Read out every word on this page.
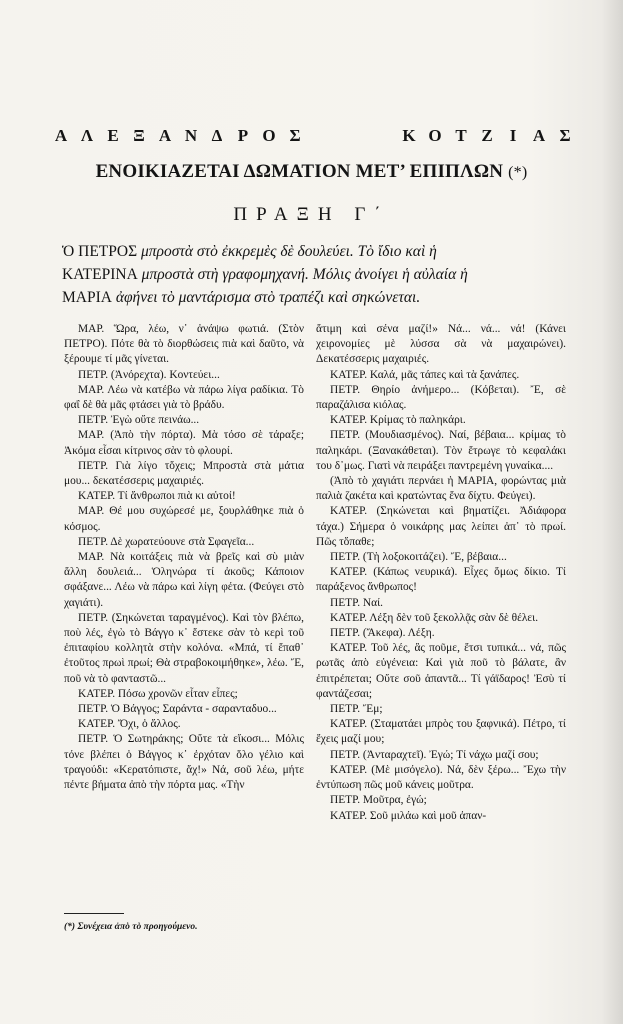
Α Λ Ε Ξ Α Ν Δ Ρ Ο Σ	Κ Ο Τ Ζ	Ι Α Σ
ΕΝΟΙΚΙΑΖΕΤΑΙ ΔΩΜΑΤΙΟΝ ΜΕΤ’ ΕΠΙΠΛΩΝ (*)
ΠΡΑΞΗ Γ΄
Ὁ ΠΕΤΡΟΣ μπροστὰ στὸ ἐκκρεμὲς δὲ δουλεύει. Τὸ ἴδιο καὶ ἡ
ΚΑΤΕΡΙΝΑ μπροστὰ στὴ γραφομηχανή. Μόλις ἀνοίγει ἡ αὐλαία ἡ
ΜΑΡΙΑ ἀφήνει τὸ μαντάρισμα στὸ τραπέζι καὶ σηκώνεται.

ΜΑΡ. Ὥρα, λέω, ν᾽ ἀνάψω φωτιά. (Στὸν ΠΕΤΡΟ). Πότε θὰ τὸ διορθώσεις πιὰ καὶ δαῦτο, νὰ ξέρουμε τί μᾶς γίνεται.

ΠΕΤΡ. (Ἀνόρεχτα). Κοντεύει...

ΜΑΡ. Λέω νὰ κατέβω νὰ πάρω λίγα ραδίκια. Τὸ φαΐ δὲ θὰ μᾶς φτάσει γιὰ τὸ βράδυ.

ΠΕΤΡ. Ἐγὼ οὔτε πεινάω...

ΜΑΡ. (Ἀπὸ τὴν πόρτα). Μὰ τόσο σὲ τάραξε; Ἀκόμα εἶσαι κίτρινος σὰν τὸ φλουρί.

ΠΕΤΡ. Γιὰ λίγο τὄχεις; Μπροστὰ στὰ μάτια μου... δεκατέσσερις μαχαιριές.

ΚΑΤΕΡ. Τί ἄνθρωποι πιὰ κι αὐτοί!

ΜΑΡ. Θέ μου συχώρεσέ με, ξουρλάθηκε πιὰ ὁ κόσμος.

ΠΕΤΡ. Δὲ χωρατεύουνε στὰ Σφαγεῖα...

ΜΑΡ. Νὰ κοιτάξεις πιὰ νὰ βρεῖς καὶ σὺ μιὰν ἄλλη δουλειά... Ὁληνώρα τί ἀκοῦς; Κάποιον σφάξανε... Λέω νὰ πάρω καὶ λίγη φέτα. (Φεύγει στὸ χαγιάτι).

ΠΕΤΡ. (Σηκώνεται ταραγμένος). Καὶ τὸν βλέπω, ποὺ λές, ἐγὼ τὸ Βάγγο κ᾽ ἔστεκε σὰν τὸ κερὶ τοῦ ἐπιταφίου κολλητὰ στὴν κολόνα. «Μπά, τί ἔπαθ᾽ ἐτοῦτος πρωὶ πρωί; Θὰ στραβοκοιμήθηκε», λέω. Ἔ, ποῦ νὰ τὸ φανταστῶ...

ΚΑΤΕΡ. Πόσω χρονῶν εἶταν εἶπες;

ΠΕΤΡ. Ὁ Βάγγος; Σαράντα - σαρανταδυο...

ΚΑΤΕΡ. Ὄχι, ὁ ἄλλος.

ΠΕΤΡ. Ὁ Σωτηράκης; Οὔτε τὰ εἴκοσι... Μόλις τόνε βλέπει ὁ Βάγγος κ᾽ ἐρχόταν ὅλο γέλιο καὶ τραγούδι: «Κερατόπιστε, ἄχ!» Νά, σοῦ λέω, μήτε πέντε βήματα ἀπὸ τὴν πόρτα μας. «Τὴν

ἄτιμη καὶ σένα μαζί!» Νά... νά... νά! (Κάνει χειρονομίες μὲ λύσσα σὰ νὰ μαχαιρώνει). Δεκατέσσερις μαχαιριές.

ΚΑΤΕΡ. Καλά, μᾶς τάπες καὶ τὰ ξανάπες.

ΠΕΤΡ. Θηρίο ἀνήμερο... (Κόβεται). Ἔ, σὲ παραζάλισα κιόλας.

ΚΑΤΕΡ. Κρίμας τὸ παληκάρι.

ΠΕΤΡ. (Μουδιασμένος). Ναί, βέβαια... κρίμας τὸ παληκάρι. (Ξανακάθεται). Τὸν ἔτρωγε τὸ κεφαλάκι του δ᾽μως. Γιατὶ νὰ πειράξει παντρεμένη γυναίκα....

(Ἀπὸ τὸ χαγιάτι περνάει ἡ ΜΑΡΙΑ, φορώντας μιὰ παλιὰ ζακέτα καὶ κρατώντας ἕνα δίχτυ. Φεύγει).

ΚΑΤΕΡ. (Σηκώνεται καὶ βηματίζει. Ἀδιάφορα τάχα.) Σήμερα ὁ νοικάρης μας λείπει ἀπ᾽ τὸ πρωί. Πῶς τὄπαθε;

ΠΕΤΡ. (Τὴ λοξοκοιτάζει). Ἔ, βέβαια...

ΚΑΤΕΡ. (Κάπως νευρικά). Εἶχες ὅμως δίκιο. Τί παράξενος ἄνθρωπος!

ΠΕΤΡ. Ναί.

ΚΑΤΕΡ. Λέξη δὲν τοῦ ξεκολλᾷς σὰν δὲ θέλει.

ΠΕΤΡ. (Ἄκεφα). Λέξη.

ΚΑΤΕΡ. Τοῦ λές, ἂς ποῦμε, ἔτσι τυπικά... νά, πῶς ρωτᾶς ἀπὸ εὐγένεια: Καὶ γιὰ ποῦ τὸ βάλατε, ἂν ἐπιτρέπεται; Οὔτε σοῦ ἀπαντᾶ... Τί γάϊδαρος! Ἐσὺ τί φαντάζεσαι;

ΠΕΤΡ. Ἔμ;

ΚΑΤΕΡ. (Σταματάει μπρὸς του ξαφνικά). Πέτρο, τί ἔχεις μαζί μου;

ΠΕΤΡ. (Ἀνταραχτεῖ). Ἐγώ; Τί νάχω μαζί σου;

ΚΑΤΕΡ. (Μὲ μισόγελο). Νά, δὲν ξέρω... Ἔχω τὴν ἐντύπωση πῶς μοῦ κάνεις μοῦτρα.

ΠΕΤΡ. Μοῦτρα, ἐγώ;

ΚΑΤΕΡ. Σοῦ μιλάω καὶ μοῦ ἀπαν-

(*) Συνέχεια ἀπὸ τὸ προηγούμενο.
